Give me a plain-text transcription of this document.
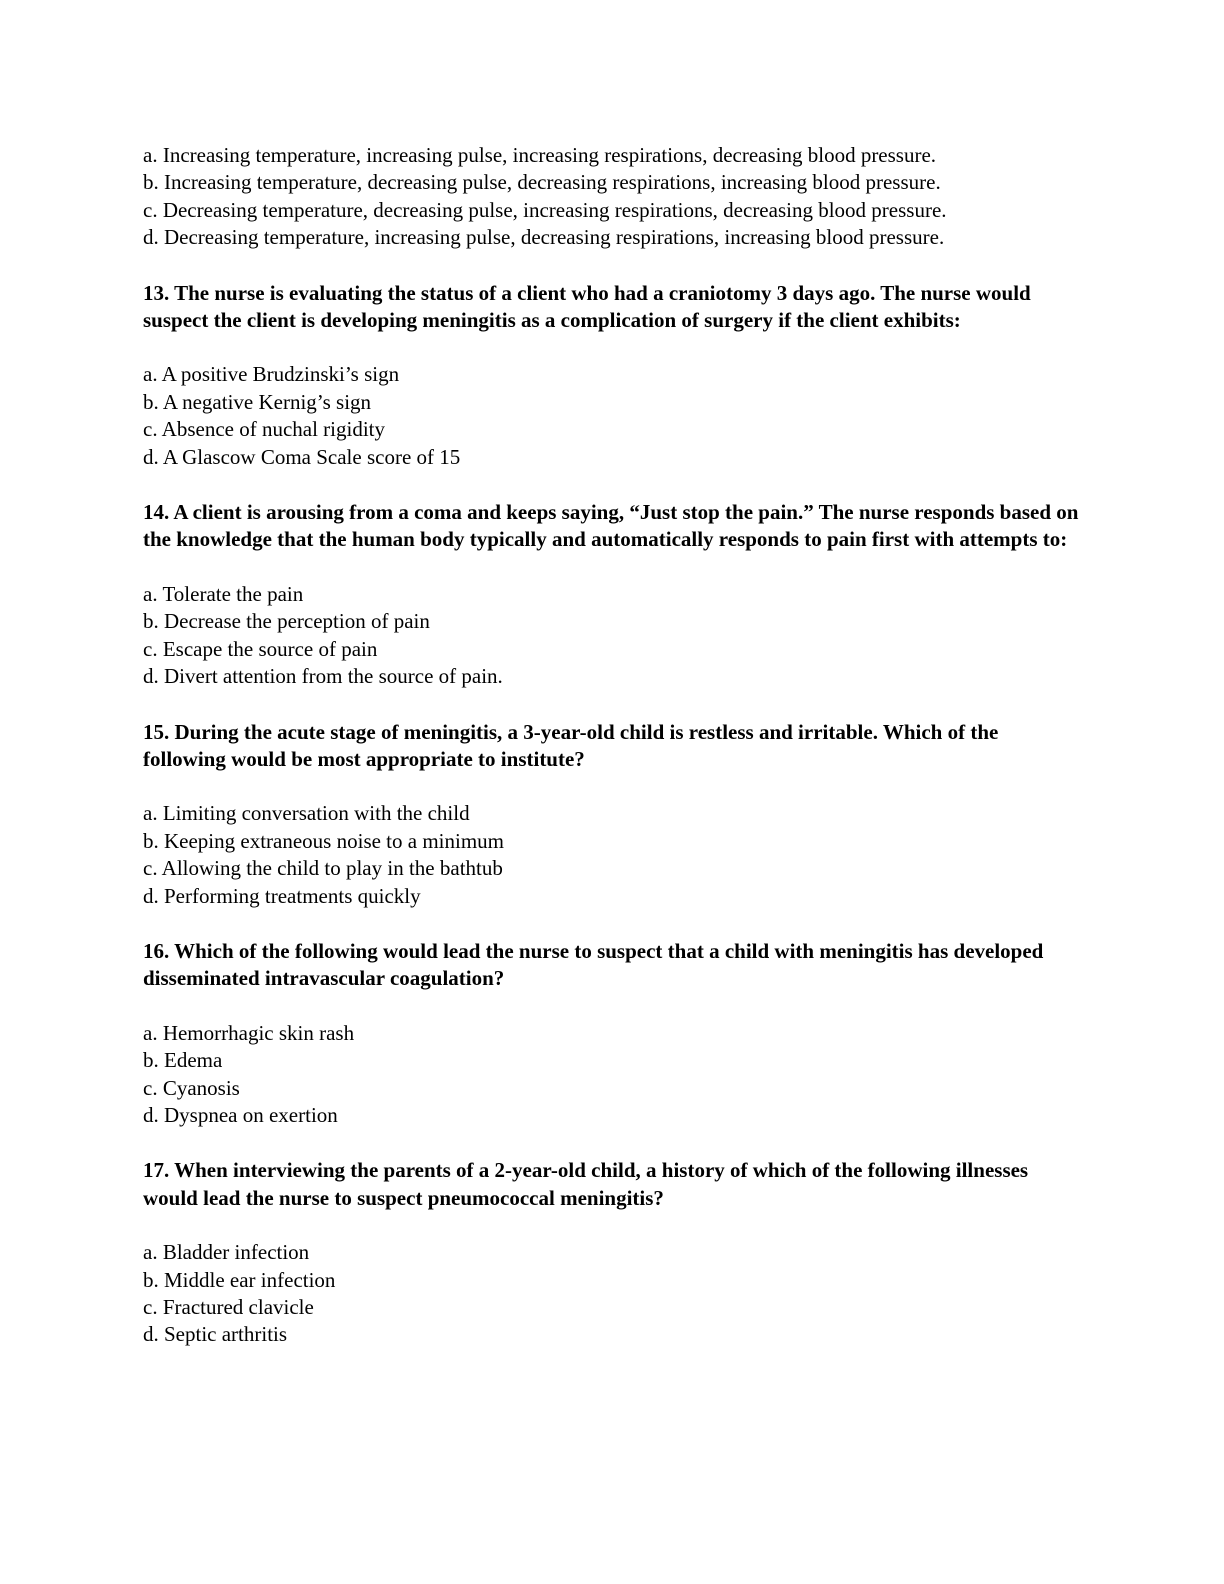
a. Increasing temperature, increasing pulse, increasing respirations, decreasing blood pressure.
b. Increasing temperature, decreasing pulse, decreasing respirations, increasing blood pressure.
c. Decreasing temperature, decreasing pulse, increasing respirations, decreasing blood pressure.
d. Decreasing temperature, increasing pulse, decreasing respirations, increasing blood pressure.

13. The nurse is evaluating the status of a client who had a craniotomy 3 days ago. The nurse would suspect the client is developing meningitis as a complication of surgery if the client exhibits:

a. A positive Brudzinski’s sign
b. A negative Kernig’s sign
c. Absence of nuchal rigidity
d. A Glascow Coma Scale score of 15

14. A client is arousing from a coma and keeps saying, “Just stop the pain.” The nurse responds based on the knowledge that the human body typically and automatically responds to pain first with attempts to:

a. Tolerate the pain
b. Decrease the perception of pain
c. Escape the source of pain
d. Divert attention from the source of pain.

15. During the acute stage of meningitis, a 3-year-old child is restless and irritable. Which of the following would be most appropriate to institute?

a. Limiting conversation with the child
b. Keeping extraneous noise to a minimum
c. Allowing the child to play in the bathtub
d. Performing treatments quickly

16. Which of the following would lead the nurse to suspect that a child with meningitis has developed disseminated intravascular coagulation?

a. Hemorrhagic skin rash
b. Edema
c. Cyanosis
d. Dyspnea on exertion

17. When interviewing the parents of a 2-year-old child, a history of which of the following illnesses would lead the nurse to suspect pneumococcal meningitis?

a. Bladder infection
b. Middle ear infection
c. Fractured clavicle
d. Septic arthritis
